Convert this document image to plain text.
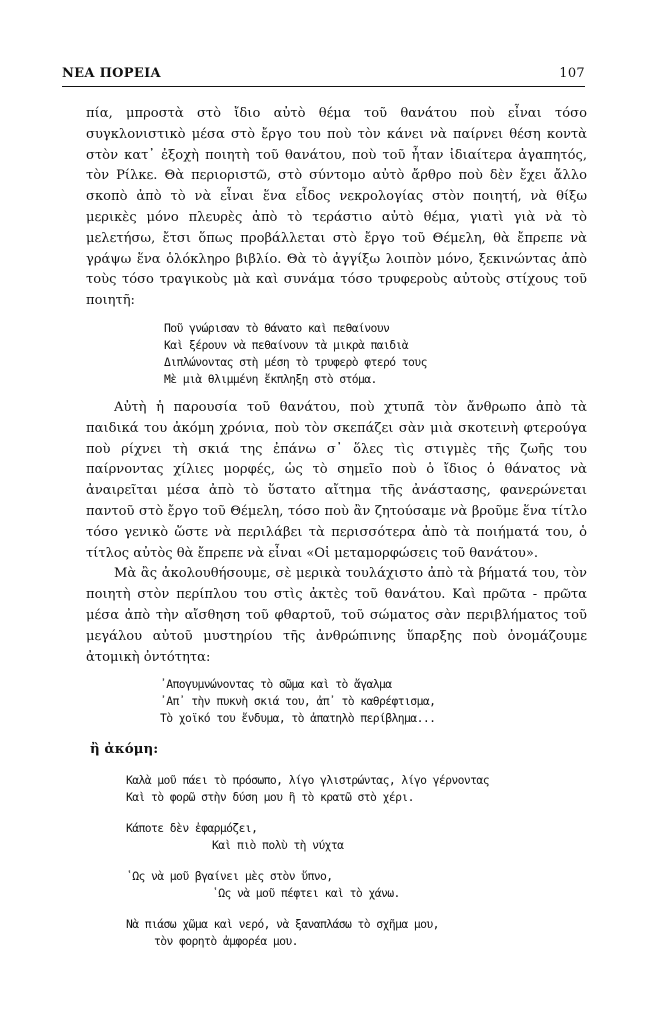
ΝΕΑ ΠΟΡΕΙΑ	107

πία, μπροστὰ στὸ ἴδιο αὐτὸ θέμα τοῦ θανάτου ποὺ εἶναι τόσο συγκλονιστικὸ μέσα στὸ ἔργο του ποὺ τὸν κάνει νὰ παίρνει θέση κοντὰ στὸν κατ᾿ ἐξοχὴ ποιητὴ τοῦ θανάτου, ποὺ τοῦ ἦταν ἰδιαίτερα ἀγαπητός, τὸν Ρίλκε. Θὰ περιοριστῶ, στὸ σύντομο αὐτὸ ἄρθρο ποὺ δὲν ἔχει ἄλλο σκοπὸ ἀπὸ τὸ νὰ εἶναι ἕνα εἶδος νεκρολογίας στὸν ποιητή, νὰ θίξω μερικὲς μόνο πλευρὲς ἀπὸ τὸ τεράστιο αὐτὸ θέμα, γιατὶ γιὰ νὰ τὸ μελετήσω, ἔτσι ὅπως προβάλλεται στὸ ἔργο τοῦ Θέμελη, θὰ ἔπρεπε νὰ γράψω ἕνα ὁλόκληρο βιβλίο. Θὰ τὸ ἀγγίξω λοιπὸν μόνο, ξεκινώντας ἀπὸ τοὺς τόσο τραγικοὺς μὰ καὶ συνάμα τόσο τρυφεροὺς αὐτοὺς στίχους τοῦ ποιητῆ:

Ποῦ γνώρισαν τὸ θάνατο καὶ πεθαίνουν
Καὶ ξέρουν νὰ πεθαίνουν τὰ μικρὰ παιδιὰ
Διπλώνοντας στὴ μέση τὸ τρυφερὸ φτερό τους
Μὲ μιὰ θλιμμένη ἔκπληξη στὸ στόμα.

Αὐτὴ ἡ παρουσία τοῦ θανάτου, ποὺ χτυπᾶ τὸν ἄνθρωπο ἀπὸ τὰ παιδικά του ἀκόμη χρόνια, ποὺ τὸν σκεπάζει σὰν μιὰ σκοτεινὴ φτερούγα ποὺ ρίχνει τὴ σκιά της ἐπάνω σ᾿ ὅλες τὶς στιγμὲς τῆς ζωῆς του παίρνοντας χίλιες μορφές, ὡς τὸ σημεῖο ποὺ ὁ ἴδιος ὁ θάνατος νὰ ἀναιρεῖται μέσα ἀπὸ τὸ ὕστατο αἴτημα τῆς ἀνάστασης, φανερώνεται παντοῦ στὸ ἔργο τοῦ Θέμελη, τόσο ποὺ ἂν ζητούσαμε νὰ βροῦμε ἕνα τίτλο τόσο γενικὸ ὥστε νὰ περιλάβει τὰ περισσότερα ἀπὸ τὰ ποιήματά του, ὁ τίτλος αὐτὸς θὰ ἔπρεπε νὰ εἶναι «Οἱ μεταμορφώσεις τοῦ θανάτου».

Μὰ ἂς ἀκολουθήσουμε, σὲ μερικὰ τουλάχιστο ἀπὸ τὰ βήματά του, τὸν ποιητὴ στὸν περίπλου του στὶς ἀκτὲς τοῦ θανάτου. Καὶ πρῶτα - πρῶτα μέσα ἀπὸ τὴν αἴσθηση τοῦ φθαρτοῦ, τοῦ σώματος σὰν περιβλήματος τοῦ μεγάλου αὐτοῦ μυστηρίου τῆς ἀνθρώπινης ὕπαρξης ποὺ ὀνομάζουμε ἀτομικὴ ὀντότητα:

᾿Απογυμνώνοντας τὸ σῶμα καὶ τὸ ἄγαλμα
᾿Απ᾿ τὴν πυκνὴ σκιά του, ἀπ᾿ τὸ καθρέφτισμα,
Τὸ χοϊκό του ἔνδυμα, τὸ ἀπατηλὸ περίβλημα...
ἢ ἀκόμη:
Καλὰ μοῦ πάει τὸ πρόσωπο, λίγο γλιστρώντας, λίγο γέρνοντας
Καὶ τὸ φορῶ στὴν δύση μου ἢ τὸ κρατῶ στὸ χέρι.
Κάποτε δὲν ἐφαρμόζει,
Καὶ πιὸ πολὺ τὴ νύχτα
῾Ως νὰ μοῦ βγαίνει μὲς στὸν ὕπνο,
῾Ως νὰ μοῦ πέφτει καὶ τὸ χάνω.
Νὰ πιάσω χῶμα καὶ νερό, νὰ ξαναπλάσω τὸ σχῆμα μου,
τὸν φορητὸ ἀμφορέα μου.
